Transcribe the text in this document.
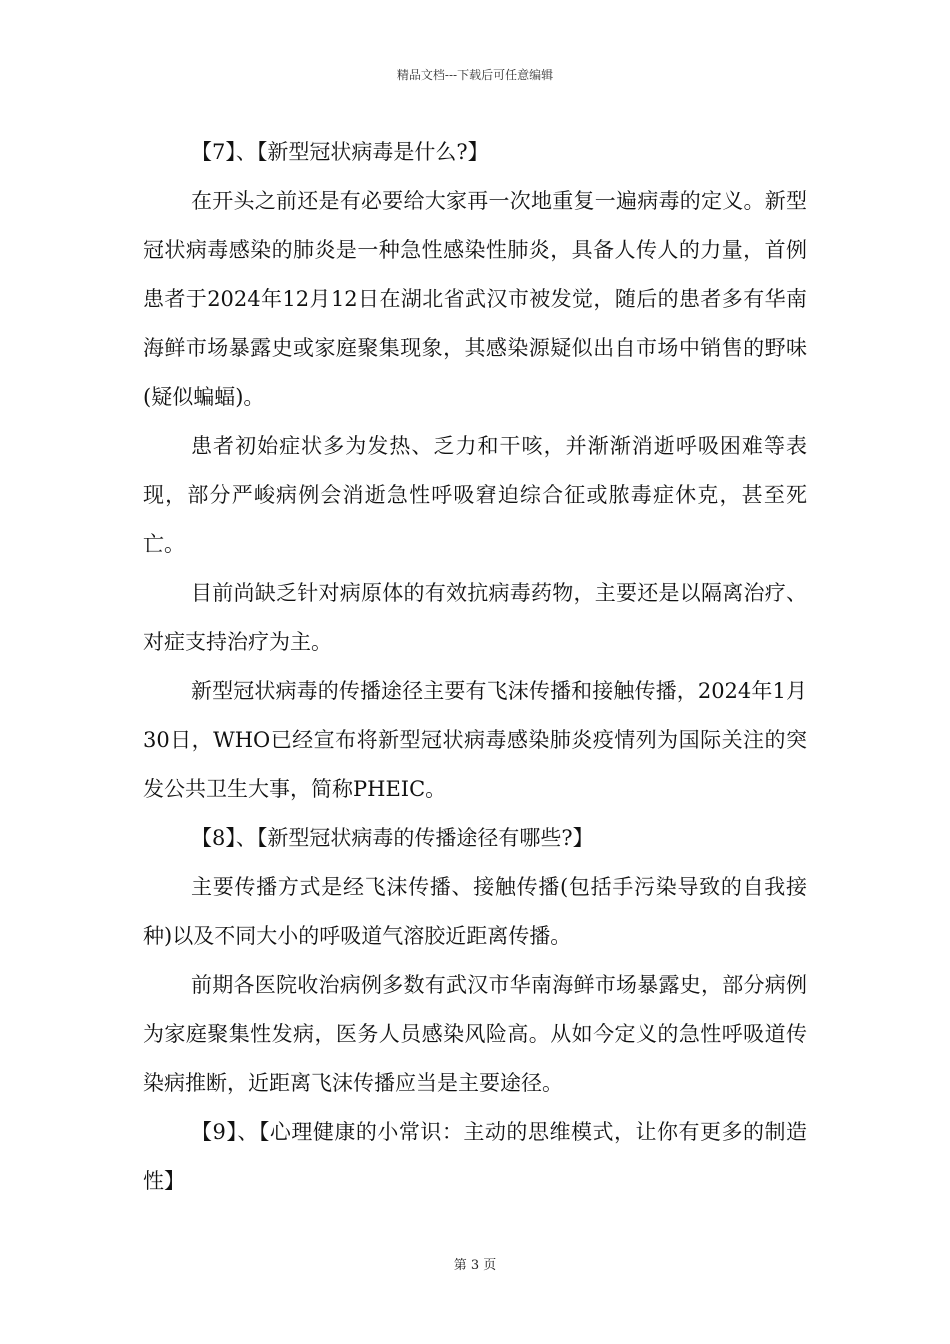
精品文档---下载后可任意编辑

【7】、【新型冠状病毒是什么?】

在开头之前还是有必要给大家再一次地重复一遍病毒的定义。新型冠状病毒感染的肺炎是一种急性感染性肺炎，具备人传人的力量，首例患者于2024年12月12日在湖北省武汉市被发觉，随后的患者多有华南海鲜市场暴露史或家庭聚集现象，其感染源疑似出自市场中销售的野味(疑似蝙蝠)。

患者初始症状多为发热、乏力和干咳，并渐渐消逝呼吸困难等表现，部分严峻病例会消逝急性呼吸窘迫综合征或脓毒症休克，甚至死亡。

目前尚缺乏针对病原体的有效抗病毒药物，主要还是以隔离治疗、对症支持治疗为主。

新型冠状病毒的传播途径主要有飞沫传播和接触传播，2024年1月30日，WHO已经宣布将新型冠状病毒感染肺炎疫情列为国际关注的突发公共卫生大事，简称PHEIC。

【8】、【新型冠状病毒的传播途径有哪些?】

主要传播方式是经飞沫传播、接触传播(包括手污染导致的自我接种)以及不同大小的呼吸道气溶胶近距离传播。

前期各医院收治病例多数有武汉市华南海鲜市场暴露史，部分病例为家庭聚集性发病，医务人员感染风险高。从如今定义的急性呼吸道传染病推断，近距离飞沫传播应当是主要途径。

【9】、【心理健康的小常识：主动的思维模式，让你有更多的制造性】

第 3 页
